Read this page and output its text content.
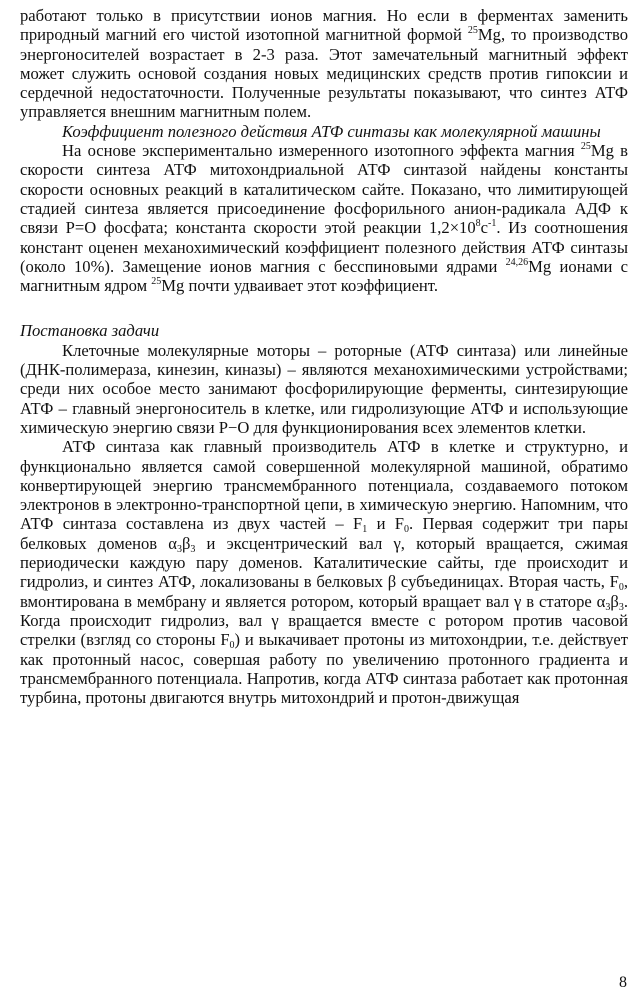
работают только в присутствии ионов магния. Но если в ферментах заменить природный магний его чистой изотопной магнитной формой $^{25}$Mg, то производство энергоносителей возрастает в 2-3 раза. Этот замечательный магнитный эффект может служить основой создания новых медицинских средств против гипоксии и сердечной недостаточности. Полученные результаты показывают, что синтез АТФ управляется внешним магнитным полем.

Коэффициент полезного действия АТФ синтазы как молекулярной машины

На основе экспериментально измеренного изотопного эффекта магния $^{25}$Mg в скорости синтеза АТФ митохондриальной АТФ синтазой найдены константы скорости основных реакций в каталитическом сайте. Показано, что лимитирующей стадией синтеза является присоединение фосфорильного анион-радикала АДФ к связи P=O фосфата; константа скорости этой реакции $1,2\times 10^8c^{-1}$. Из соотношения констант оценен механохимический коэффициент полезного действия АТФ синтазы (около 10%). Замещение ионов магния с бесспиновыми ядрами $^{24,26}$Mg ионами с магнитным ядром $^{25}$Mg почти удваивает этот коэффициент.

Постановка задачи

Клеточные молекулярные моторы – роторные (АТФ синтаза) или линейные (ДНК-полимераза, кинезин, киназы) – являются механохимическими устройствами; среди них особое место занимают фосфорилирующие ферменты, синтезирующие АТФ – главный энергоноситель в клетке, или гидролизующие АТФ и использующие химическую энергию связи P−O для функционирования всех элементов клетки.

АТФ синтаза как главный производитель АТФ в клетке и структурно, и функционально является самой совершенной молекулярной машиной, обратимо конвертирующей энергию трансмембранного потенциала, создаваемого потоком электронов в электронно-транспортной цепи, в химическую энергию. Напомним, что АТФ синтаза составлена из двух частей – $F_1$ и $F_0$. Первая содержит три пары белковых доменов $\alpha_3\beta_3$ и эксцентрический вал γ, который вращается, сжимая периодически каждую пару доменов. Каталитические сайты, где происходит и гидролиз, и синтез АТФ, локализованы в белковых β субъединицах. Вторая часть, $F_0$, вмонтирована в мембрану и является ротором, который вращает вал γ в статоре $\alpha_3\beta_3$. Когда происходит гидролиз, вал γ вращается вместе с ротором против часовой стрелки (взгляд со стороны $F_0$) и выкачивает протоны из митохондрии, т.е. действует как протонный насос, совершая работу по увеличению протонного градиента и трансмембранного потенциала. Напротив, когда АТФ синтаза работает как протонная турбина, протоны двигаются внутрь митохондрий и протон-движущая

8
